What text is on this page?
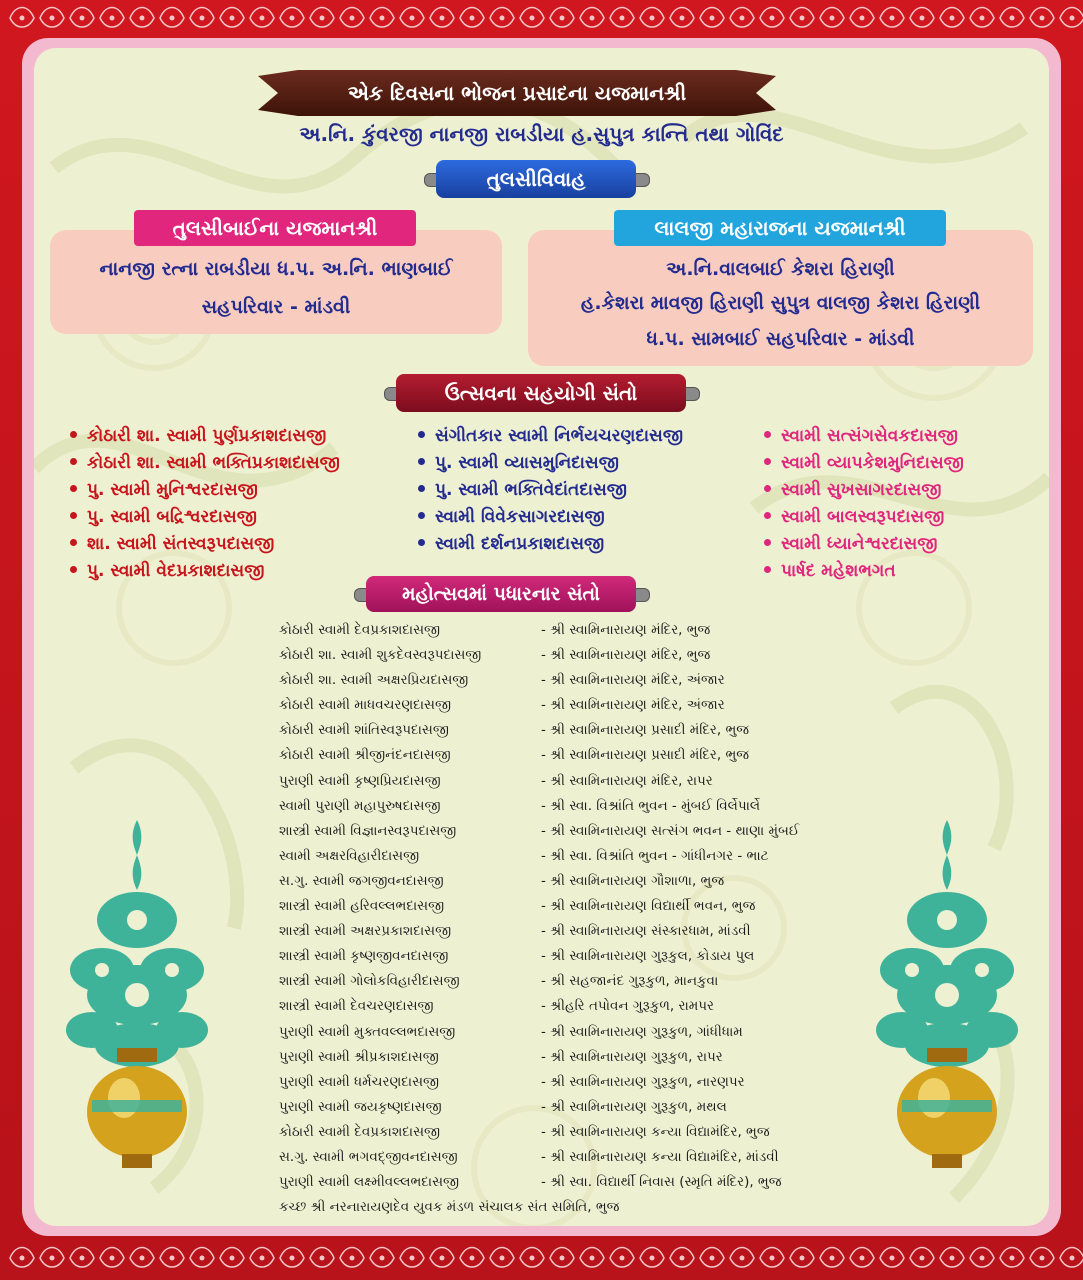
એક દિવસના ભોજન પ્રસાદના યજમાનશ્રી
અ.નિ. કુંવરજી નાનજી રાબડીયા હ.સુપુત્ર કાન્તિ તથા ગોવિંદ
તુલસીવિવાહ
તુલસીબાઈના યજમાનશ્રી
નાનજી રત્ના રાબડીયા ધ.પ. અ.નિ. ભાણબાઈ
સહપરિવાર - માંડવી
લાલજી મહારાજના યજમાનશ્રી
અ.નિ.વાલબાઈ કેશરા હિરાણી
હ.કેશરા માવજી હિરાણી સુપુત્ર વાલજી કેશરા હિરાણી
ધ.પ. સામબાઈ સહપરિવાર - માંડવી
ઉત્સવના સહયોગી સંતો
કોઠારી શા. સ્વામી પુર્ણપ્રકાશદાસજી
કોઠારી શા. સ્વામી ભક્તિપ્રકાશદાસજી
પુ. સ્વામી મુનિશ્વરદાસજી
પુ. સ્વામી બદ્રિશ્વરદાસજી
શા. સ્વામી સંતસ્વરૂપદાસજી
પુ. સ્વામી વેદપ્રકાશદાસજી
સંગીતકાર સ્વામી નિર્ભયચરણદાસજી
પુ. સ્વામી વ્યાસમુનિદાસજી
પુ. સ્વામી ભક્તિવેદાંતદાસજી
સ્વામી વિવેકસાગરદાસજી
સ્વામી દર્શનપ્રકાશદાસજી
સ્વામી સત્સંગસેવકદાસજી
સ્વામી વ્યાપકેશમુનિદાસજી
સ્વામી સુખસાગરદાસજી
સ્વામી બાલસ્વરૂપદાસજી
સ્વામી ધ્યાનેશ્વરદાસજી
પાર્ષદ મહેશભગત
મહોત્સવમાં પધારનાર સંતો
કોઠારી સ્વામી દેવપ્રકાશદાસજી	- શ્રી સ્વામિનારાયણ મંદિર, ભુજ
કોઠારી શા. સ્વામી શુકદેવસ્વરૂપદાસજી	- શ્રી સ્વામિનારાયણ મંદિર, ભુજ
કોઠારી શા. સ્વામી અક્ષરપ્રિયદાસજી	- શ્રી સ્વામિનારાયણ મંદિર, અંજાર
કોઠારી સ્વામી માધવચરણદાસજી	- શ્રી સ્વામિનારાયણ મંદિર, અંજાર
કોઠારી સ્વામી શાંતિસ્વરૂપદાસજી	- શ્રી સ્વામિનારાયણ પ્રસાદી મંદિર, ભુજ
કોઠારી સ્વામી શ્રીજીનંદનદાસજી	- શ્રી સ્વામિનારાયણ પ્રસાદી મંદિર, ભુજ
પુરાણી સ્વામી કૃષ્ણપ્રિયદાસજી	- શ્રી સ્વામિનારાયણ મંદિર, રાપર
સ્વામી પુરાણી મહાપુરુષદાસજી	- શ્રી સ્વા. વિશ્રાંતિ ભુવન - મુંબઈ વિર્લેપાર્લે
શાસ્ત્રી સ્વામી વિજ્ઞાનસ્વરૂપદાસજી	- શ્રી સ્વામિનારાયણ સત્સંગ ભવન - થાણા મુંબઈ
સ્વામી અક્ષરવિહારીદાસજી	- શ્રી સ્વા. વિશ્રાંતિ ભુવન - ગાંધીનગર - ભાટ
સ.ગુ. સ્વામી જગજીવનદાસજી	- શ્રી સ્વામિનારાયણ ગૌશાળા, ભુજ
શાસ્ત્રી સ્વામી હરિવલ્લભદાસજી	- શ્રી સ્વામિનારાયણ વિદ્યાર્થી ભવન, ભુજ
શાસ્ત્રી સ્વામી અક્ષરપ્રકાશદાસજી	- શ્રી સ્વામિનારાયણ સંસ્કારધામ, માંડવી
શાસ્ત્રી સ્વામી કૃષ્ણજીવનદાસજી	- શ્રી સ્વામિનારાયણ ગુરૂકુલ, કોડાય પુલ
શાસ્ત્રી સ્વામી ગોલોકવિહારીદાસજી	- શ્રી સહજાનંદ ગુરૂકુળ, માનકુવા
શાસ્ત્રી સ્વામી દેવચરણદાસજી	- શ્રીહરિ તપોવન ગુરૂકુળ, રામપર
પુરાણી સ્વામી મુક્તવલ્લભદાસજી	- શ્રી સ્વામિનારાયણ ગુરૂકુળ, ગાંધીધામ
પુરાણી સ્વામી શ્રીપ્રકાશદાસજી	- શ્રી સ્વામિનારાયણ ગુરૂકુળ, રાપર
પુરાણી સ્વામી ધર્મચરણદાસજી	- શ્રી સ્વામિનારાયણ ગુરૂકુળ, નારણપર
પુરાણી સ્વામી જયકૃષ્ણદાસજી	- શ્રી સ્વામિનારાયણ ગુરૂકુળ, મથલ
કોઠારી સ્વામી દેવપ્રકાશદાસજી	- શ્રી સ્વામિનારાયણ કન્યા વિદ્યામંદિર, ભુજ
સ.ગુ. સ્વામી ભગવદ્જીવનદાસજી	- શ્રી સ્વામિનારાયણ કન્યા વિદ્યામંદિર, માંડવી
પુરાણી સ્વામી લક્ષ્મીવલ્લભદાસજી	- શ્રી સ્વા. વિદ્યાર્થી નિવાસ (સ્મૃતિ મંદિર), ભુજ
કચ્છ શ્રી નરનારાયણદેવ યુવક મંડળ સંચાલક સંત સમિતિ, ભુજ
